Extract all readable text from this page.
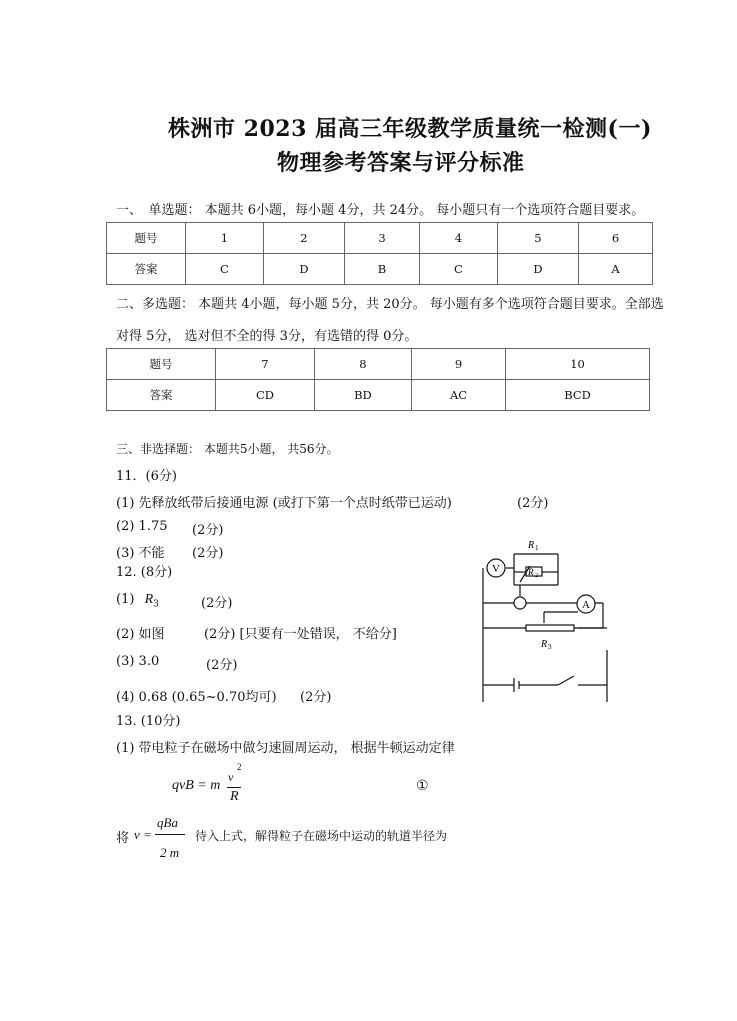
株洲市 2023 届高三年级教学质量统一检测(一)
物理参考答案与评分标准
一、　单选题： 本题共 6小题，每小题 4分，共 24分。 每小题只有一个选项符合题目要求。
题号	1	2	3	4	5	6
答案	C	D	B	C	D	A
二、多选题： 本题共 4小题，每小题 5分，共 20分。 每小题有多个选项符合题目要求。全部选
对得 5分， 选对但不全的得 3分，有选错的得 0分。
题号	7	8	9	10
答案	CD	BD	AC	BCD
三、非选择题： 本题共5小题， 共56分。
11．(6分)
(1) 先释放纸带后接通电源 (或打下第一个点时纸带已运动)	(2分)
(2) 1.75 (2分)
(3) 不能 (2分)
12. (8分)
(1) $R_3$	(2分)
(2) 如图	(2分) [只要有一处错误， 不给分]
(3) 3.0	(2分)
(4) 0.68 (0.65~0.70均可) (2分)
13. (10分)
(1) 带电粒子在磁场中做匀速圆周运动， 根据牛顿运动定律
qvB = m
v
2
R
①
将 v =
qBa
2 m
待入上式，解得粒子在磁场中运动的轨道半径为
V
A
R 1
R 2
R 3
